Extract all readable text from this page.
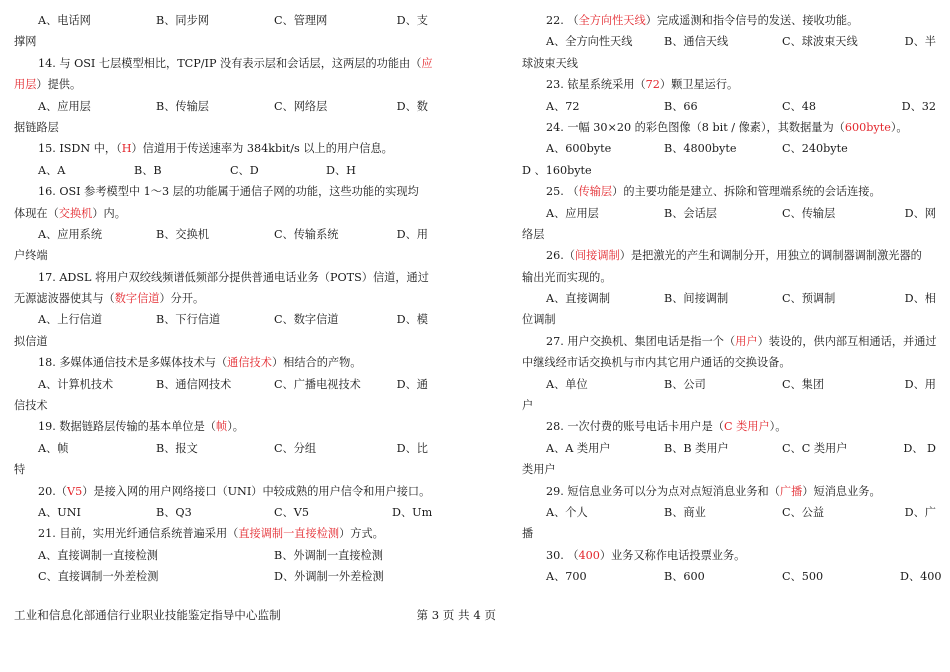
A、电话网	B、同步网	C、管理网	D、支
撑网
14. 与 OSI 七层模型相比，TCP/IP 没有表示层和会话层，这两层的功能由（应
用层）提供。
A、应用层	B、传输层	C、网络层	D、数
据链路层
15. ISDN 中，（H）信道用于传送速率为 384kbit/s 以上的用户信息。
A、A	B、B	C、D	D、H
16. OSI 参考模型中 1～3 层的功能属于通信子网的功能，这些功能的实现均
体现在（交换机）内。
A、应用系统	B、交换机	C、传输系统	D、用
户终端
17. ADSL 将用户双绞线频谱低频部分提供普通电话业务（POTS）信道，通过
无源滤波器使其与（数字信道）分开。
A、上行信道	B、下行信道	C、数字信道	D、模
拟信道
18. 多媒体通信技术是多媒体技术与（通信技术）相结合的产物。
A、计算机技术	B、通信网技术	C、广播电视技术	D、通
信技术
19. 数据链路层传输的基本单位是（帧）。
A、帧	B、报文	C、分组	D、比
特
20.（V5）是接入网的用户网络接口（UNI）中较成熟的用户信令和用户接口。
A、UNI	B、Q3	C、V5	D、Um
21. 目前，实用光纤通信系统普遍采用（直接调制一直接检测）方式。
A、直接调制一直接检测	B、外调制一直接检测
C、直接调制一外差检测	D、外调制一外差检测
22. （全方向性天线）完成遥测和指令信号的发送、接收功能。
A、全方向性天线	B、通信天线	C、球波束天线	D、半
球波束天线
23. 铱星系统采用（72）颗卫星运行。
A、72	B、66	C、48	D、32
24. 一幅 30×20 的彩色图像（8 bit / 像素），其数据量为（600byte）。
A、600byte	B、4800byte	C、240byte
D 、160byte
25. （传输层）的主要功能是建立、拆除和管理端系统的会话连接。
A、应用层	B、会话层	C、传输层	D、网
络层
26.（间接调制）是把激光的产生和调制分开，用独立的调制器调制激光器的
输出光而实现的。
A、直接调制	B、间接调制	C、预调制	D、相
位调制
27. 用户交换机、集团电话是指一个（用户）装设的，供内部互相通话，并通过
中继线经市话交换机与市内其它用户通话的交换设备。
A、单位	B、公司	C、集团	D、用
户
28. 一次付费的账号电话卡用户是（C 类用户）。
A、A 类用户	B、B 类用户	C、C 类用户	D、 D
类用户
29. 短信息业务可以分为点对点短消息业务和（广播）短消息业务。
A、个人	B、商业	C、公益	D、广
播
30. （400）业务又称作电话投票业务。
A、700	B、600	C、500	D、400
工业和信息化部通信行业职业技能鉴定指导中心监制	第 3 页 共 4 页
